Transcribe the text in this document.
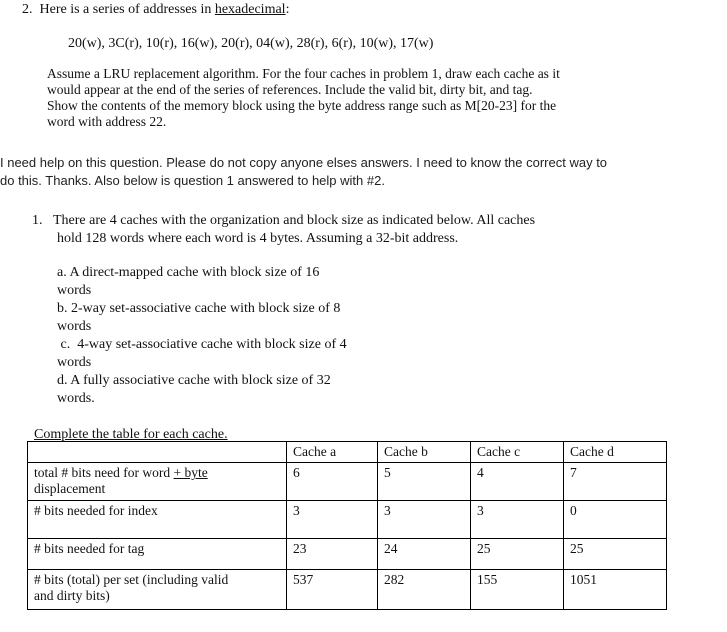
2. Here is a series of addresses in hexadecimal:
20(w), 3C(r), 10(r), 16(w), 20(r), 04(w), 28(r), 6(r), 10(w), 17(w)
Assume a LRU replacement algorithm. For the four caches in problem 1, draw each cache as it
would appear at the end of the series of references. Include the valid bit, dirty bit, and tag.
Show the contents of the memory block using the byte address range such as M[20-23] for the
word with address 22.
I need help on this question. Please do not copy anyone elses answers. I need to know the correct way to
do this. Thanks. Also below is question 1 answered to help with #2.
1. There are 4 caches with the organization and block size as indicated below. All caches
hold 128 words where each word is 4 bytes. Assuming a 32-bit address.
a. A direct-mapped cache with block size of 16
words
b. 2-way set-associative cache with block size of 8
words
c.  4-way set-associative cache with block size of 4
words
d. A fully associative cache with block size of 32
words.
Complete the table for each cache.
	Cache a	Cache b	Cache c	Cache d
total # bits need for word + byte
displacement	6	5	4	7
# bits needed for index	3	3	3	0
# bits needed for tag	23	24	25	25
# bits (total) per set (including valid
and dirty bits)	537	282	155	1051
